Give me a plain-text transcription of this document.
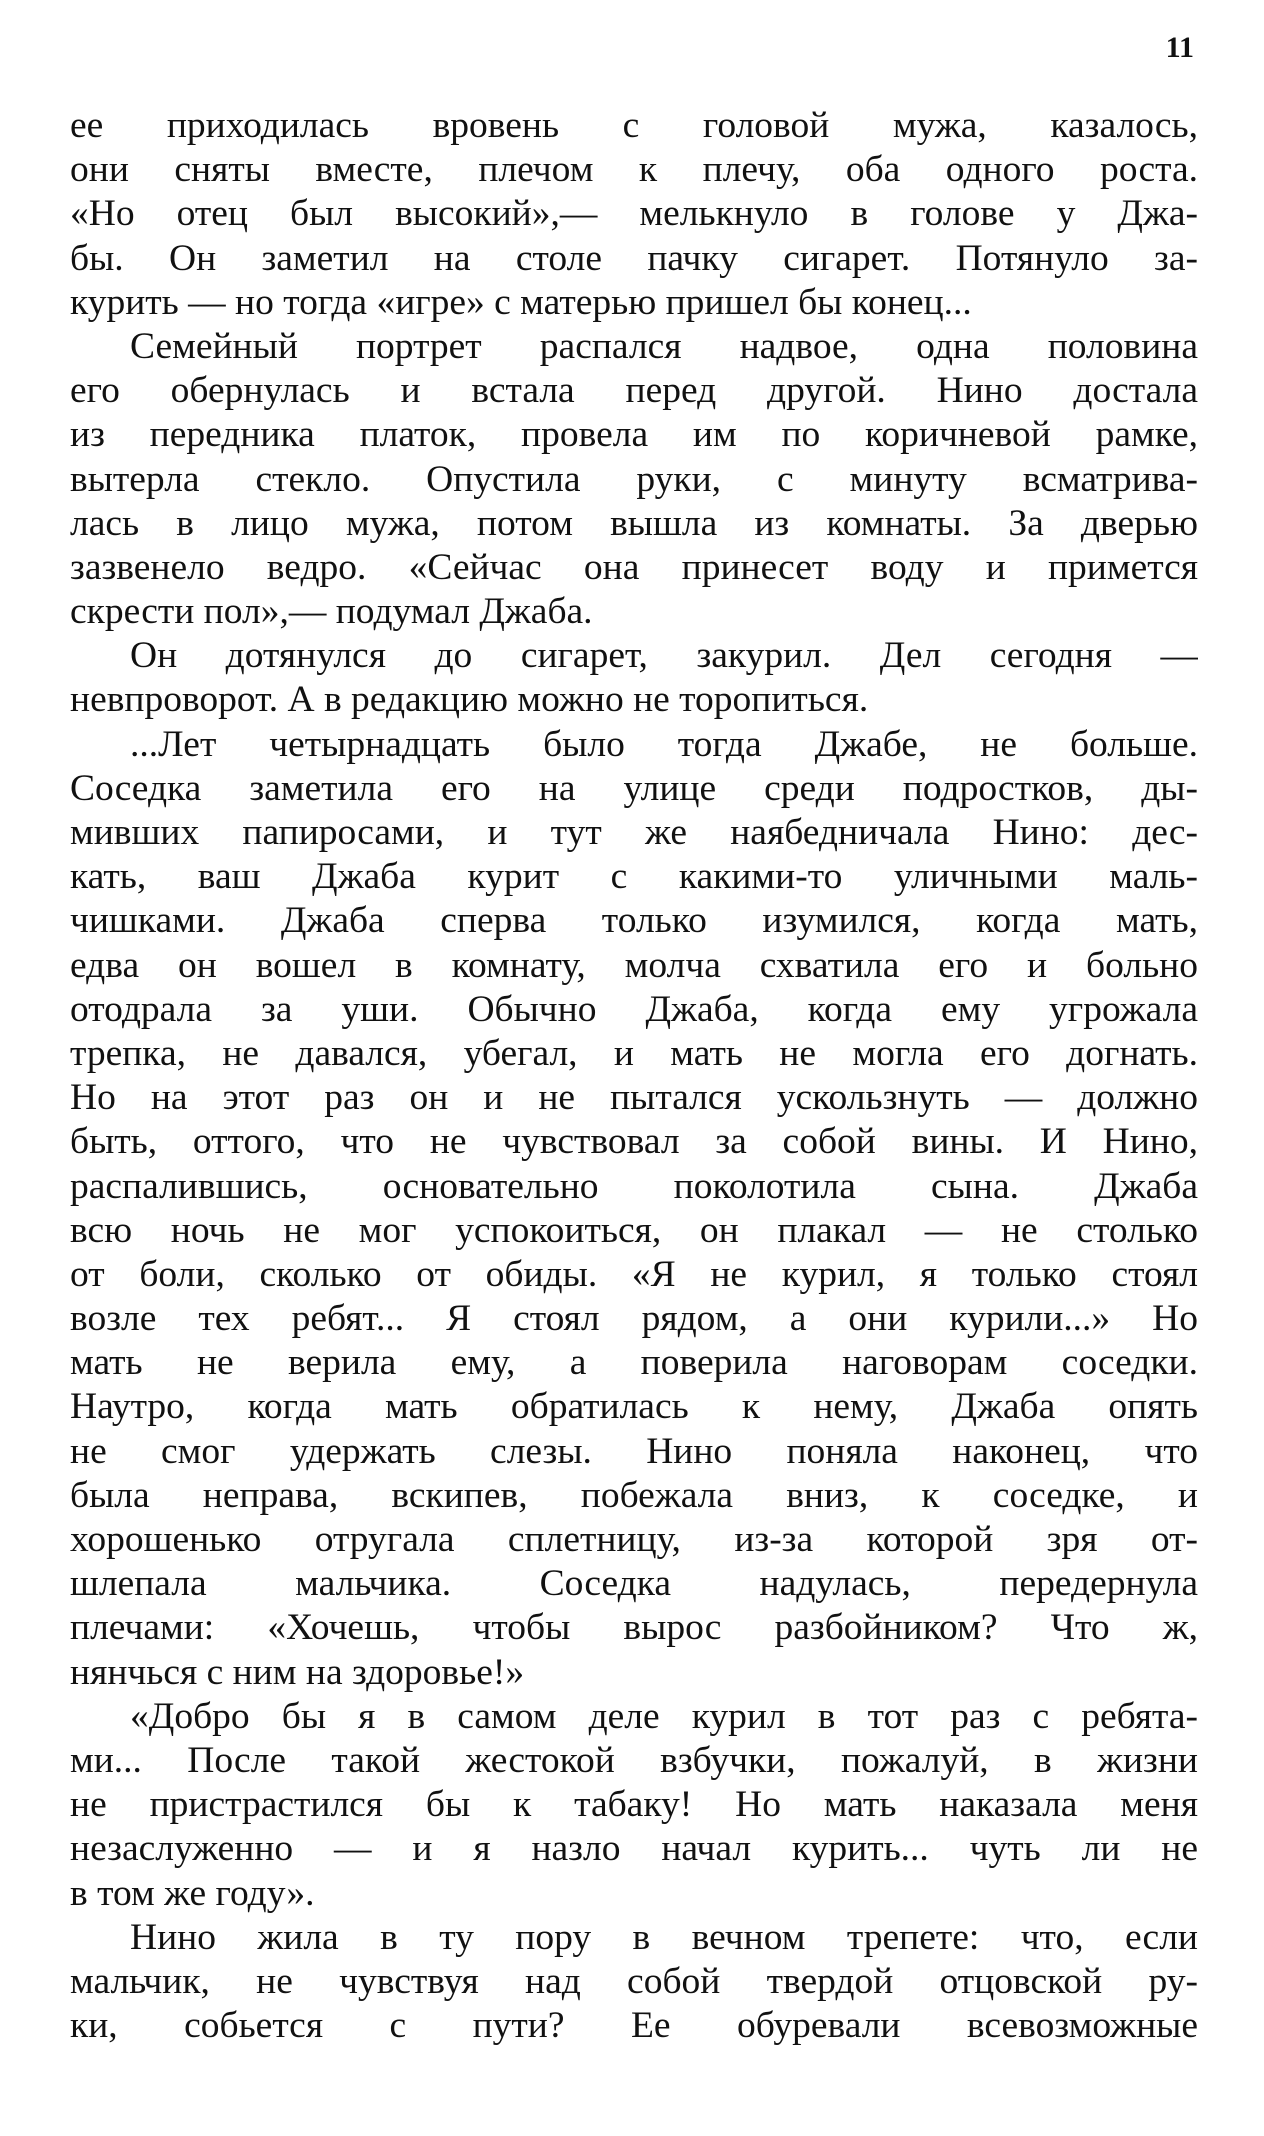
11
ее приходилась вровень с головой мужа, казалось,
они сняты вместе, плечом к плечу, оба одного роста.
«Но отец был высокий»,— мелькнуло в голове у Джа-
бы. Он заметил на столе пачку сигарет. Потянуло за-
курить — но тогда «игре» с матерью пришел бы конец...
Семейный портрет распался надвое, одна половина
его обернулась и встала перед другой. Нино достала
из передника платок, провела им по коричневой рамке,
вытерла стекло. Опустила руки, с минуту всматрива-
лась в лицо мужа, потом вышла из комнаты. За дверью
зазвенело ведро. «Сейчас она принесет воду и примется
скрести пол»,— подумал Джаба.
Он дотянулся до сигарет, закурил. Дел сегодня —
невпроворот. А в редакцию можно не торопиться.
...Лет четырнадцать было тогда Джабе, не больше.
Соседка заметила его на улице среди подростков, ды-
мивших папиросами, и тут же наябедничала Нино: дес-
кать, ваш Джаба курит с какими-то уличными маль-
чишками. Джаба сперва только изумился, когда мать,
едва он вошел в комнату, молча схватила его и больно
отодрала за уши. Обычно Джаба, когда ему угрожала
трепка, не давался, убегал, и мать не могла его догнать.
Но на этот раз он и не пытался ускользнуть — должно
быть, оттого, что не чувствовал за собой вины. И Нино,
распалившись, основательно поколотила сына. Джаба
всю ночь не мог успокоиться, он плакал — не столько
от боли, сколько от обиды. «Я не курил, я только стоял
возле тех ребят... Я стоял рядом, а они курили...» Но
мать не верила ему, а поверила наговорам соседки.
Наутро, когда мать обратилась к нему, Джаба опять
не смог удержать слезы. Нино поняла наконец, что
была неправа, вскипев, побежала вниз, к соседке, и
хорошенько отругала сплетницу, из-за которой зря от-
шлепала мальчика. Соседка надулась, передернула
плечами: «Хочешь, чтобы вырос разбойником? Что ж,
нянчься с ним на здоровье!»
«Добро бы я в самом деле курил в тот раз с ребята-
ми... После такой жестокой взбучки, пожалуй, в жизни
не пристрастился бы к табаку! Но мать наказала меня
незаслуженно — и я назло начал курить... чуть ли не
в том же году».
Нино жила в ту пору в вечном трепете: что, если
мальчик, не чувствуя над собой твердой отцовской ру-
ки, собьется с пути? Ее обуревали всевозможные
